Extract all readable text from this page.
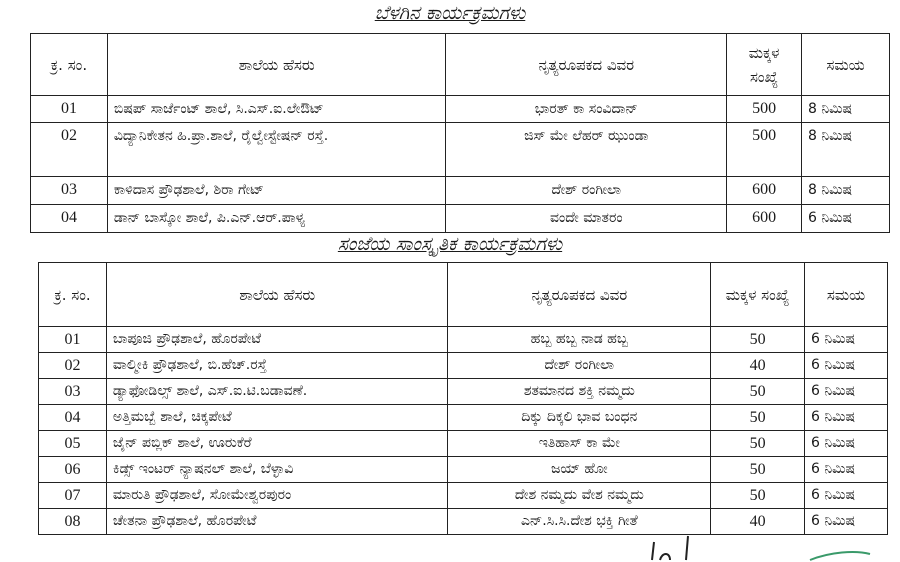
ಬೆಳಗಿನ ಕಾರ್ಯಕ್ರಮಗಳು
ಕ್ರ. ಸಂ.	ಶಾಲೆಯ ಹೆಸರು	ನೃತ್ಯರೂಪಕದ ವಿವರ	ಮಕ್ಕಳ ಸಂಖ್ಯೆ	ಸಮಯ
01	ಬಿಷಪ್ ಸಾರ್ಜೆಂಟ್ ಶಾಲೆ, ಸಿ.ಎಸ್.ಐ.ಲೇಔಟ್	ಭಾರತ್ ಕಾ ಸಂವಿದಾನ್	500	8 ನಿಮಿಷ
02	ವಿದ್ಯಾನಿಕೇತನ ಹಿ.ಪ್ರಾ.ಶಾಲೆ, ರೈಲ್ವೇಸ್ಟೇಷನ್ ರಸ್ತೆ.	ಜಿಸ್ ಮೇ ಲೆಹರ್ ಝುಂಡಾ	500	8 ನಿಮಿಷ
03	ಕಾಳಿದಾಸ ಪ್ರೌಢಶಾಲೆ, ಶಿರಾ ಗೇಟ್	ದೇಶ್ ರಂಗೀಲಾ	600	8 ನಿಮಿಷ
04	ಡಾನ್ ಬಾಸ್ಕೋ ಶಾಲೆ, ಪಿ.ಎನ್.ಆರ್.ಪಾಳ್ಯ	ವಂದೇ ಮಾತರಂ	600	6 ನಿಮಿಷ
ಸಂಜೆಯ ಸಾಂಸ್ಕೃತಿಕ ಕಾರ್ಯಕ್ರಮಗಳು
ಕ್ರ. ಸಂ.	ಶಾಲೆಯ ಹೆಸರು	ನೃತ್ಯರೂಪಕದ ವಿವರ	ಮಕ್ಕಳ ಸಂಖ್ಯೆ	ಸಮಯ
01	ಬಾಪೂಜಿ ಪ್ರೌಢಶಾಲೆ, ಹೊರಪೇಟೆ	ಹಬ್ಬ ಹಬ್ಬ ನಾಡ ಹಬ್ಬ	50	6 ನಿಮಿಷ
02	ವಾಲ್ಮೀಕಿ ಪ್ರೌಢಶಾಲೆ, ಬಿ.ಹೆಚ್.ರಸ್ತೆ	ದೇಶ್ ರಂಗೀಲಾ	40	6 ನಿಮಿಷ
03	ಡ್ಯಾಫೋಡಿಲ್ಸ್ ಶಾಲೆ, ಎಸ್.ಐ.ಟಿ.ಬಡಾವಣೆ.	ಶತಮಾನದ ಶಕ್ತಿ ನಮ್ಮದು	50	6 ನಿಮಿಷ
04	ಅತ್ತಿಮಬ್ಬೆ ಶಾಲೆ, ಚಿಕ್ಕಪೇಟೆ	ದಿಕ್ಕು ದಿಕ್ಕಲಿ ಭಾವ ಬಂಧನ	50	6 ನಿಮಿಷ
05	ಜೈನ್ ಪಬ್ಲಿಕ್ ಶಾಲೆ, ಊರುಕೆರೆ	ಇತಿಹಾಸ್ ಕಾ ಮೇ	50	6 ನಿಮಿಷ
06	ಕಿಡ್ಸ್ ಇಂಟರ್ ನ್ಯಾಷನಲ್ ಶಾಲೆ, ಬೆಳ್ಳಾವಿ	ಜಯ್ ಹೋ	50	6 ನಿಮಿಷ
07	ಮಾರುತಿ ಪ್ರೌಢಶಾಲೆ, ಸೋಮೇಶ್ವರಪುರಂ	ದೇಶ ನಮ್ಮದು ವೇಶ ನಮ್ಮದು	50	6 ನಿಮಿಷ
08	ಚೇತನಾ ಪ್ರೌಢಶಾಲೆ, ಹೊರಪೇಟೆ	ಎನ್.ಸಿ.ಸಿ.ದೇಶ ಭಕ್ತಿ ಗೀತೆ	40	6 ನಿಮಿಷ
